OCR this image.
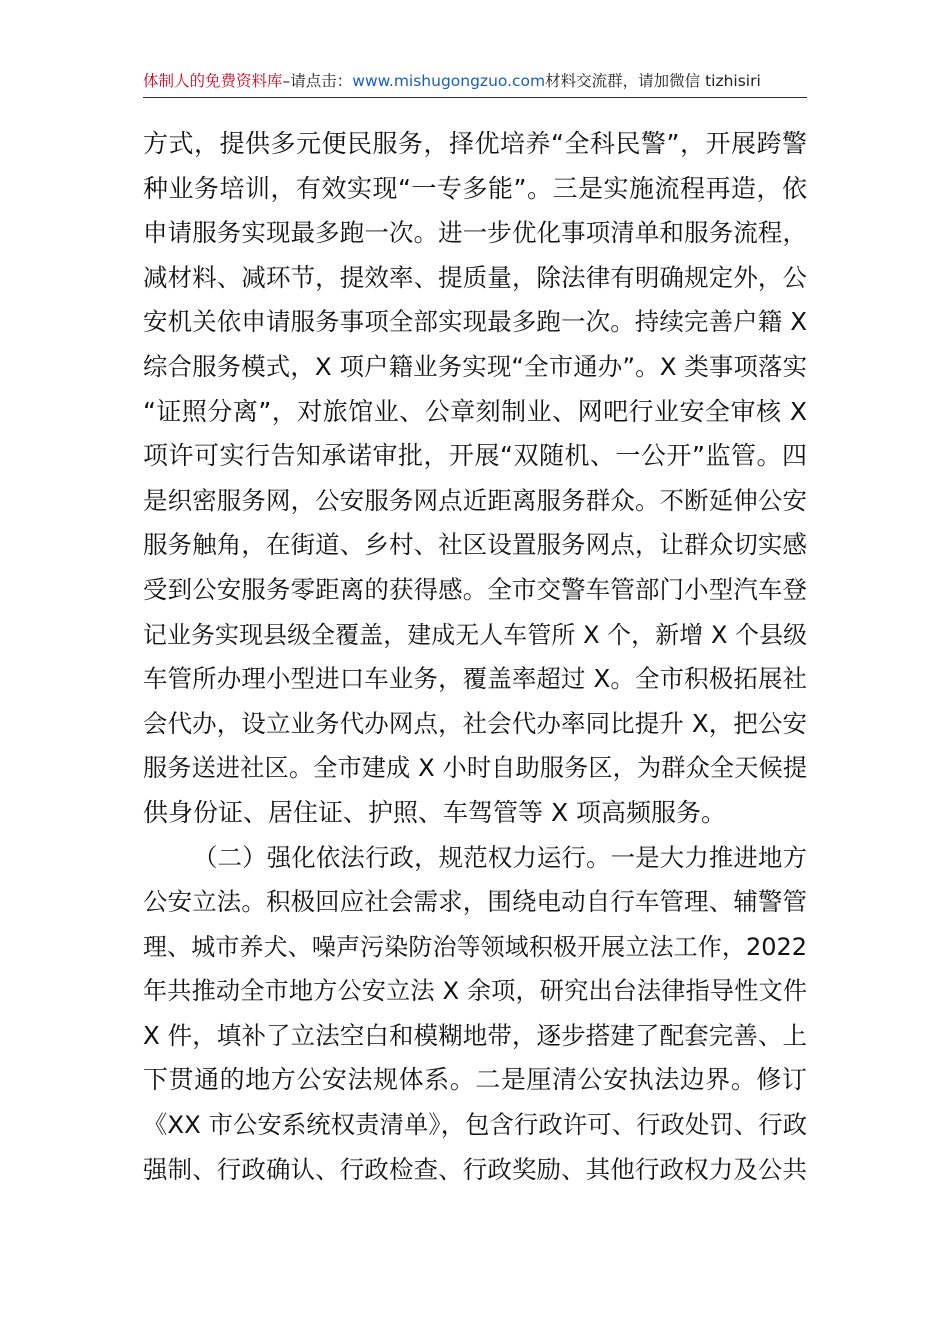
体制人的免费资料库–请点击：www.mishugongzuo.com材料交流群，请加微信 tizhisiri
方式，提供多元便民服务，择优培养“全科民警”，开展跨警
种业务培训，有效实现“一专多能”。三是实施流程再造，依
申请服务实现最多跑一次。进一步优化事项清单和服务流程，
减材料、减环节，提效率、提质量，除法律有明确规定外，公
安机关依申请服务事项全部实现最多跑一次。持续完善户籍 X
综合服务模式，X 项户籍业务实现“全市通办”。X 类事项落实
“证照分离”，对旅馆业、公章刻制业、网吧行业安全审核 X
项许可实行告知承诺审批，开展“双随机、一公开”监管。四
是织密服务网，公安服务网点近距离服务群众。不断延伸公安
服务触角，在街道、乡村、社区设置服务网点，让群众切实感
受到公安服务零距离的获得感。全市交警车管部门小型汽车登
记业务实现县级全覆盖，建成无人车管所 X 个，新增 X 个县级
车管所办理小型进口车业务，覆盖率超过 X。全市积极拓展社
会代办，设立业务代办网点，社会代办率同比提升 X，把公安
服务送进社区。全市建成 X 小时自助服务区，为群众全天候提
供身份证、居住证、护照、车驾管等 X 项高频服务。
（二）强化依法行政，规范权力运行。一是大力推进地方
公安立法。积极回应社会需求，围绕电动自行车管理、辅警管
理、城市养犬、噪声污染防治等领域积极开展立法工作，2022
年共推动全市地方公安立法 X 余项，研究出台法律指导性文件
X 件，填补了立法空白和模糊地带，逐步搭建了配套完善、上
下贯通的地方公安法规体系。二是厘清公安执法边界。修订
《XX 市公安系统权责清单》，包含行政许可、行政处罚、行政
强制、行政确认、行政检查、行政奖励、其他行政权力及公共
